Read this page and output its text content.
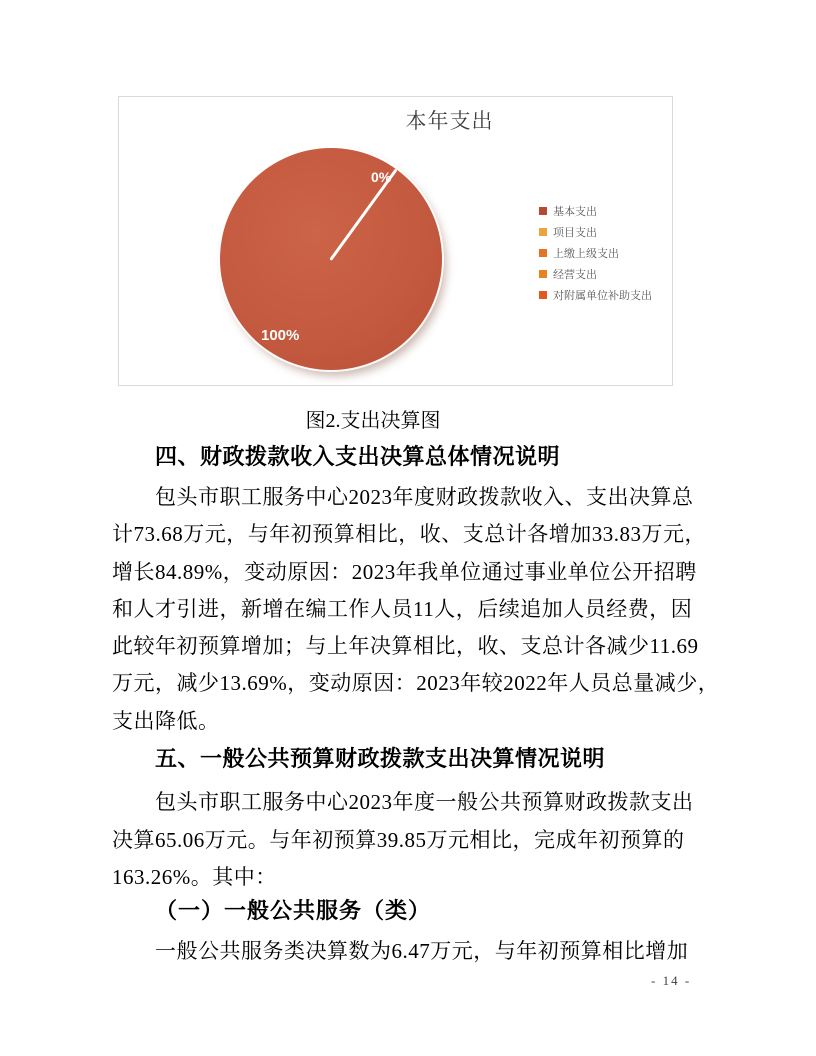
本年支出
0%
100%
基本支出
项目支出
上缴上级支出
经营支出
对附属单位补助支出
图2.支出决算图
四、财政拨款收入支出决算总体情况说明
包头市职工服务中心2023年度财政拨款收入、支出决算总
计73.68万元，与年初预算相比，收、支总计各增加33.83万元，
增长84.89%，变动原因：2023年我单位通过事业单位公开招聘
和人才引进，新增在编工作人员11人，后续追加人员经费，因
此较年初预算增加；与上年决算相比，收、支总计各减少11.69
万元，减少13.69%，变动原因：2023年较2022年人员总量减少，
支出降低。
五、一般公共预算财政拨款支出决算情况说明
包头市职工服务中心2023年度一般公共预算财政拨款支出
决算65.06万元。与年初预算39.85万元相比，完成年初预算的
163.26%。其中：
（一）一般公共服务（类）
一般公共服务类决算数为6.47万元，与年初预算相比增加
- 14 -
